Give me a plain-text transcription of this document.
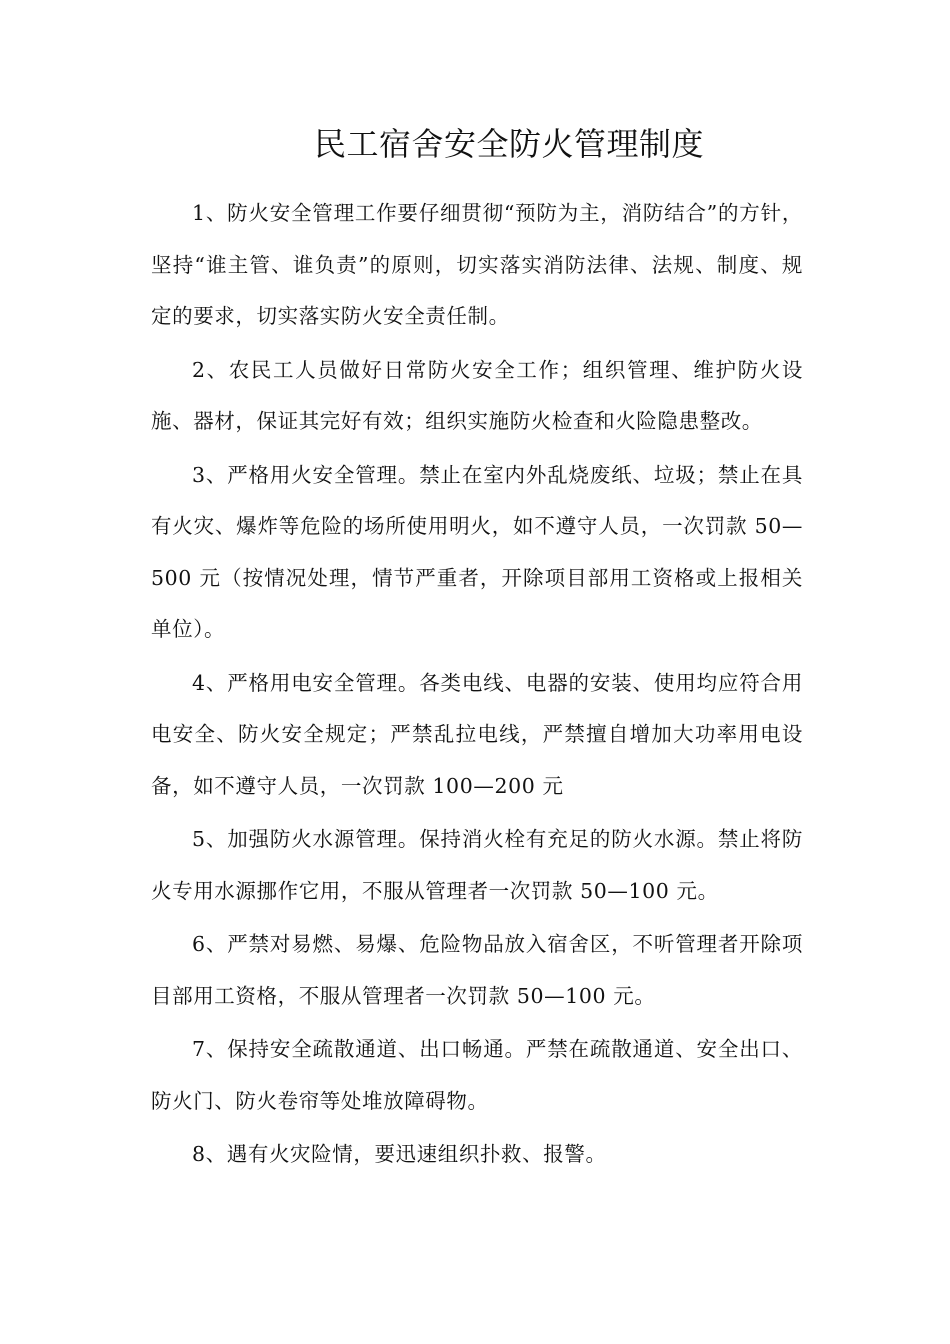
民工宿舍安全防火管理制度

1、防火安全管理工作要仔细贯彻“预防为主，消防结合”的方针，坚持“谁主管、谁负责”的原则，切实落实消防法律、法规、制度、规定的要求，切实落实防火安全责任制。

2、农民工人员做好日常防火安全工作；组织管理、维护防火设施、器材，保证其完好有效；组织实施防火检查和火险隐患整改。

3、严格用火安全管理。禁止在室内外乱烧废纸、垃圾；禁止在具有火灾、爆炸等危险的场所使用明火，如不遵守人员，一次罚款 50—500 元（按情况处理，情节严重者，开除项目部用工资格或上报相关单位）。

4、严格用电安全管理。各类电线、电器的安装、使用均应符合用电安全、防火安全规定；严禁乱拉电线，严禁擅自增加大功率用电设备，如不遵守人员，一次罚款 100—200 元

5、加强防火水源管理。保持消火栓有充足的防火水源。禁止将防火专用水源挪作它用，不服从管理者一次罚款 50—100 元。

6、严禁对易燃、易爆、危险物品放入宿舍区，不听管理者开除项目部用工资格，不服从管理者一次罚款 50—100 元。

7、保持安全疏散通道、出口畅通。严禁在疏散通道、安全出口、防火门、防火卷帘等处堆放障碍物。

8、遇有火灾险情，要迅速组织扑救、报警。
